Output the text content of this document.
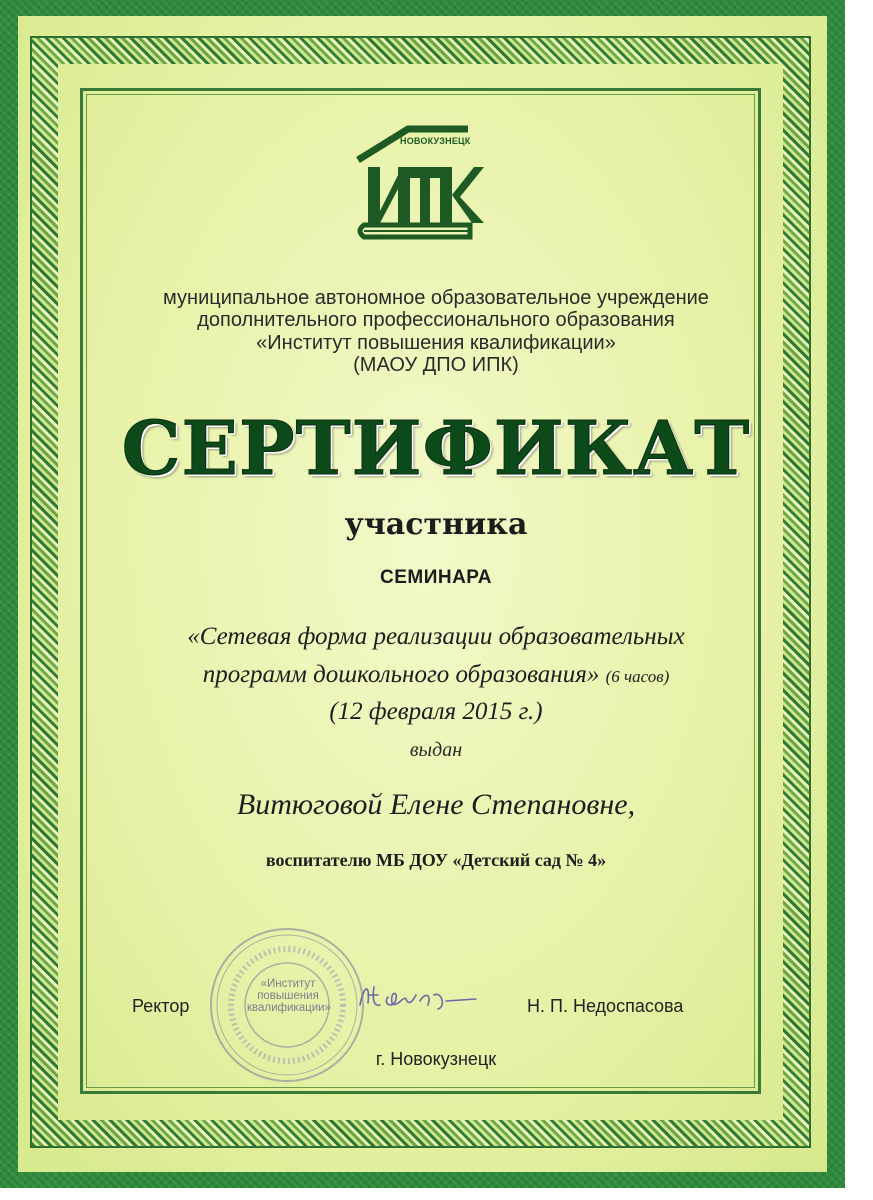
НОВОКУЗНЕЦК
муниципальное автономное образовательное учреждение
дополнительного профессионального образования
«Институт повышения квалификации»
(МАОУ ДПО ИПК)
СЕРТИФИКАТ
участника
СЕМИНАРА
«Сетевая форма реализации образовательных
программ дошкольного образования» (6 часов)
(12 февраля 2015 г.)
выдан
Витюговой Елене Степановне,
воспитателю МБ ДОУ «Детский сад № 4»
«Институт
повышения
квалификации»
Ректор	Н. П. Недоспасова
г. Новокузнецк
